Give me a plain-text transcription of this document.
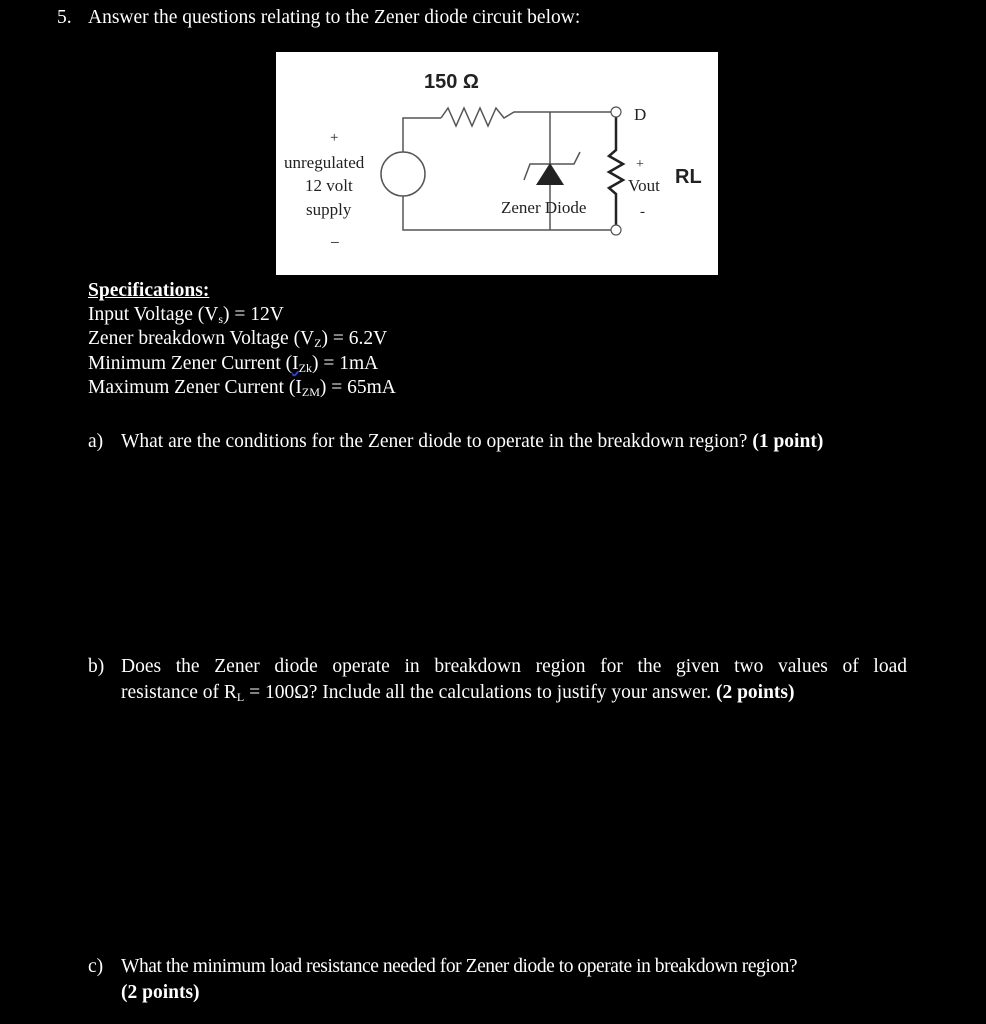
5. Answer the questions relating to the Zener diode circuit below:
150 Ω
D
+
−
unregulated
12 volt
supply	Zener Diode
+
Vout
-
RL
Specifications:
Input Voltage $(V_s) = 12V$
Zener breakdown Voltage $(V_Z) = 6.2V$
Minimum Zener Current $(I_{Zk}) = 1mA$
Maximum Zener Current $(I_{ZM}) = 65mA$
a) What are the conditions for the Zener diode to operate in the breakdown region? (1 point)
b) Does the Zener diode operate in breakdown region for the given two values of load
resistance of $R_L = 100\Omega$? Include all the calculations to justify your answer. (2 points)
c) What the minimum load resistance needed for Zener diode to operate in breakdown region?
(2 points)
